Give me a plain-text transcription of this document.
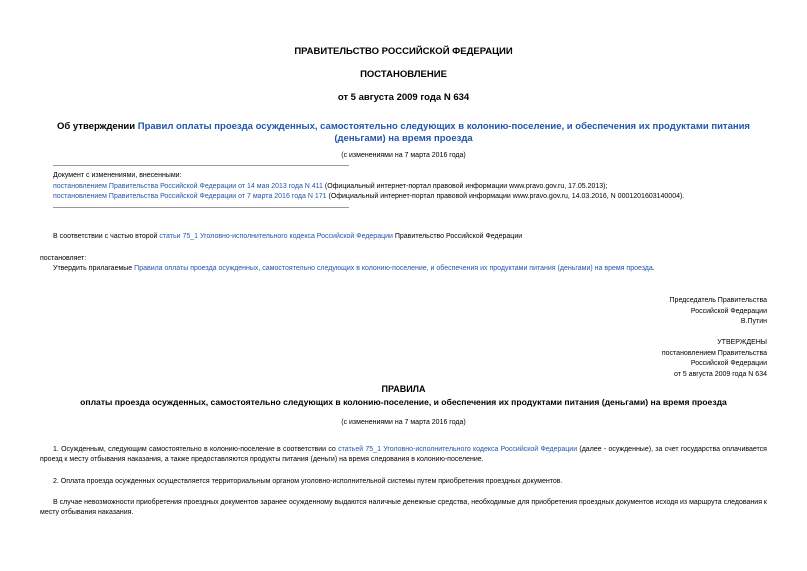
ПРАВИТЕЛЬСТВО РОССИЙСКОЙ ФЕДЕРАЦИИ
ПОСТАНОВЛЕНИЕ
от 5 августа 2009 года N 634
Об утверждении Правил оплаты проезда осужденных, самостоятельно следующих в колонию-поселение, и обеспечения их продуктами питания (деньгами) на время проезда
(с изменениями на 7 марта 2016 года)
Документ с изменениями, внесенными:
постановлением Правительства Российской Федерации от 14 мая 2013 года N 411 (Официальный интернет-портал правовой информации www.pravo.gov.ru, 17.05.2013);
постановлением Правительства Российской Федерации от 7 марта 2016 года N 171 (Официальный интернет-портал правовой информации www.pravo.gov.ru, 14.03.2016, N 0001201603140004).
В соответствии с частью второй статьи 75_1 Уголовно-исполнительного кодекса Российской Федерации Правительство Российской Федерации
постановляет:
Утвердить прилагаемые Правила оплаты проезда осужденных, самостоятельно следующих в колонию-поселение, и обеспечения их продуктами питания (деньгами) на время проезда.
Председатель Правительства
Российской Федерации
В.Путин
УТВЕРЖДЕНЫ
постановлением Правительства
Российской Федерации
от 5 августа 2009 года N 634
ПРАВИЛА
оплаты проезда осужденных, самостоятельно следующих в колонию-поселение, и обеспечения их продуктами питания (деньгами) на время проезда
(с изменениями на 7 марта 2016 года)
1. Осужденным, следующим самостоятельно в колонию-поселение в соответствии со статьей 75_1 Уголовно-исполнительного кодекса Российской Федерации (далее - осужденные), за счет государства оплачивается проезд к месту отбывания наказания, а также предоставляются продукты питания (деньги) на время следования в колонию-поселение.
2. Оплата проезда осужденных осуществляется территориальным органом уголовно-исполнительной системы путем приобретения проездных документов.
В случае невозможности приобретения проездных документов заранее осужденному выдаются наличные денежные средства, необходимые для приобретения проездных документов исходя из маршрута следования к месту отбывания наказания.
